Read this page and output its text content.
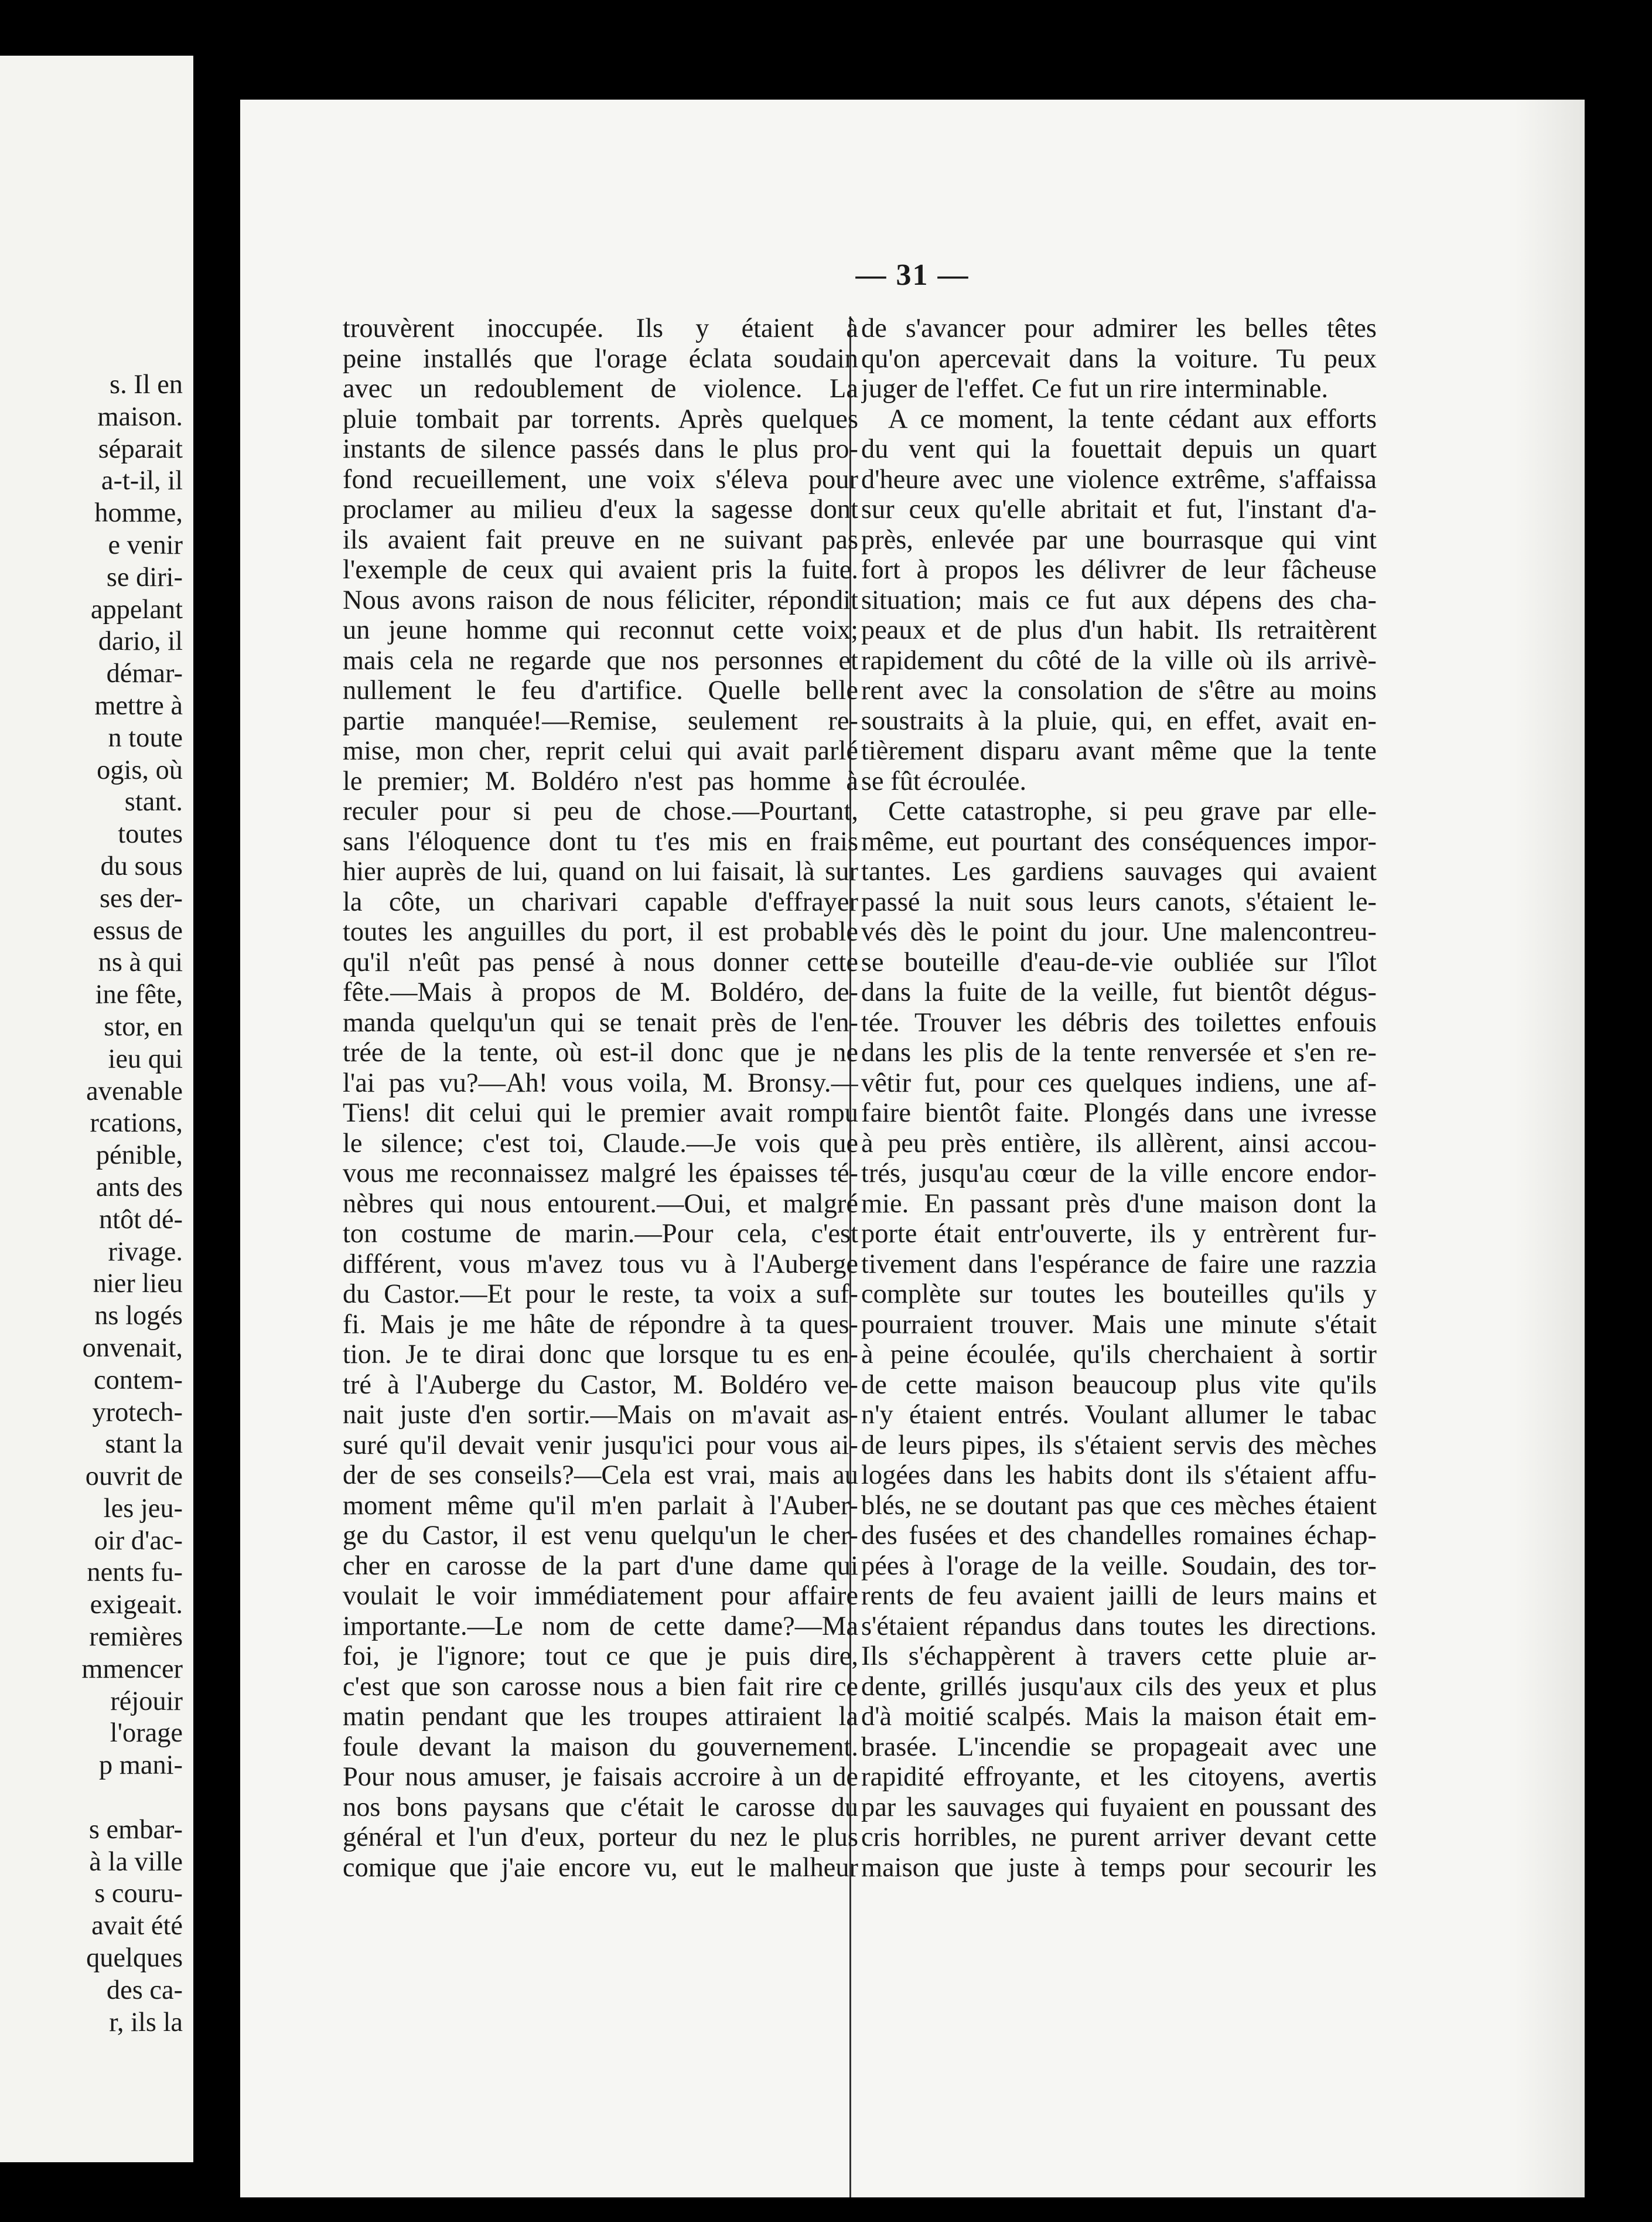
s. Il en
maison.
séparait
a-t-il, il
homme,
e venir
se diri-
appelant
dario, il
démar-
mettre à
n toute
ogis, où
stant.
toutes
du sous
ses der-
essus de
ns à qui
ine fête,
stor, en
ieu qui
avenable
rcations,
pénible,
ants des
ntôt dé-
rivage.
nier lieu
ns logés
onvenait,
contem-
yrotech-
stant la
ouvrit de
les jeu-
oir d'ac-
nents fu-
exigeait.
remières
mmencer
réjouir
l'orage
p mani-
s embar-
à la ville
s couru-
avait été
quelques
des ca-
r, ils la
— 31 —
trouvèrent inoccupée. Ils y étaient à
peine installés que l'orage éclata soudain
avec un redoublement de violence. La
pluie tombait par torrents. Après quelques
instants de silence passés dans le plus pro-
fond recueillement, une voix s'éleva pour
proclamer au milieu d'eux la sagesse dont
ils avaient fait preuve en ne suivant pas
l'exemple de ceux qui avaient pris la fuite.
Nous avons raison de nous féliciter, répondit
un jeune homme qui reconnut cette voix;
mais cela ne regarde que nos personnes et
nullement le feu d'artifice. Quelle belle
partie manquée!—Remise, seulement re-
mise, mon cher, reprit celui qui avait parlé
le premier; M. Boldéro n'est pas homme à
reculer pour si peu de chose.—Pourtant,
sans l'éloquence dont tu t'es mis en frais
hier auprès de lui, quand on lui faisait, là sur
la côte, un charivari capable d'effrayer
toutes les anguilles du port, il est probable
qu'il n'eût pas pensé à nous donner cette
fête.—Mais à propos de M. Boldéro, de-
manda quelqu'un qui se tenait près de l'en-
trée de la tente, où est-il donc que je ne
l'ai pas vu?—Ah! vous voila, M. Bronsy.—
Tiens! dit celui qui le premier avait rompu
le silence; c'est toi, Claude.—Je vois que
vous me reconnaissez malgré les épaisses té-
nèbres qui nous entourent.—Oui, et malgré
ton costume de marin.—Pour cela, c'est
différent, vous m'avez tous vu à l'Auberge
du Castor.—Et pour le reste, ta voix a suf-
fi. Mais je me hâte de répondre à ta ques-
tion. Je te dirai donc que lorsque tu es en-
tré à l'Auberge du Castor, M. Boldéro ve-
nait juste d'en sortir.—Mais on m'avait as-
suré qu'il devait venir jusqu'ici pour vous ai-
der de ses conseils?—Cela est vrai, mais au
moment même qu'il m'en parlait à l'Auber-
ge du Castor, il est venu quelqu'un le cher-
cher en carosse de la part d'une dame qui
voulait le voir immédiatement pour affaire
importante.—Le nom de cette dame?—Ma
foi, je l'ignore; tout ce que je puis dire,
c'est que son carosse nous a bien fait rire ce
matin pendant que les troupes attiraient la
foule devant la maison du gouvernement.
Pour nous amuser, je faisais accroire à un de
nos bons paysans que c'était le carosse du
général et l'un d'eux, porteur du nez le plus
comique que j'aie encore vu, eut le malheur
de s'avancer pour admirer les belles têtes
qu'on apercevait dans la voiture. Tu peux
juger de l'effet. Ce fut un rire interminable.
A ce moment, la tente cédant aux efforts
du vent qui la fouettait depuis un quart
d'heure avec une violence extrême, s'affaissa
sur ceux qu'elle abritait et fut, l'instant d'a-
près, enlevée par une bourrasque qui vint
fort à propos les délivrer de leur fâcheuse
situation; mais ce fut aux dépens des cha-
peaux et de plus d'un habit. Ils retraitèrent
rapidement du côté de la ville où ils arrivè-
rent avec la consolation de s'être au moins
soustraits à la pluie, qui, en effet, avait en-
tièrement disparu avant même que la tente
se fût écroulée.
Cette catastrophe, si peu grave par elle-
même, eut pourtant des conséquences impor-
tantes. Les gardiens sauvages qui avaient
passé la nuit sous leurs canots, s'étaient le-
vés dès le point du jour. Une malencontreu-
se bouteille d'eau-de-vie oubliée sur l'îlot
dans la fuite de la veille, fut bientôt dégus-
tée. Trouver les débris des toilettes enfouis
dans les plis de la tente renversée et s'en re-
vêtir fut, pour ces quelques indiens, une af-
faire bientôt faite. Plongés dans une ivresse
à peu près entière, ils allèrent, ainsi accou-
trés, jusqu'au cœur de la ville encore endor-
mie. En passant près d'une maison dont la
porte était entr'ouverte, ils y entrèrent fur-
tivement dans l'espérance de faire une razzia
complète sur toutes les bouteilles qu'ils y
pourraient trouver. Mais une minute s'était
à peine écoulée, qu'ils cherchaient à sortir
de cette maison beaucoup plus vite qu'ils
n'y étaient entrés. Voulant allumer le tabac
de leurs pipes, ils s'étaient servis des mèches
logées dans les habits dont ils s'étaient affu-
blés, ne se doutant pas que ces mèches étaient
des fusées et des chandelles romaines échap-
pées à l'orage de la veille. Soudain, des tor-
rents de feu avaient jailli de leurs mains et
s'étaient répandus dans toutes les directions.
Ils s'échappèrent à travers cette pluie ar-
dente, grillés jusqu'aux cils des yeux et plus
d'à moitié scalpés. Mais la maison était em-
brasée. L'incendie se propageait avec une
rapidité effroyante, et les citoyens, avertis
par les sauvages qui fuyaient en poussant des
cris horribles, ne purent arriver devant cette
maison que juste à temps pour secourir les
